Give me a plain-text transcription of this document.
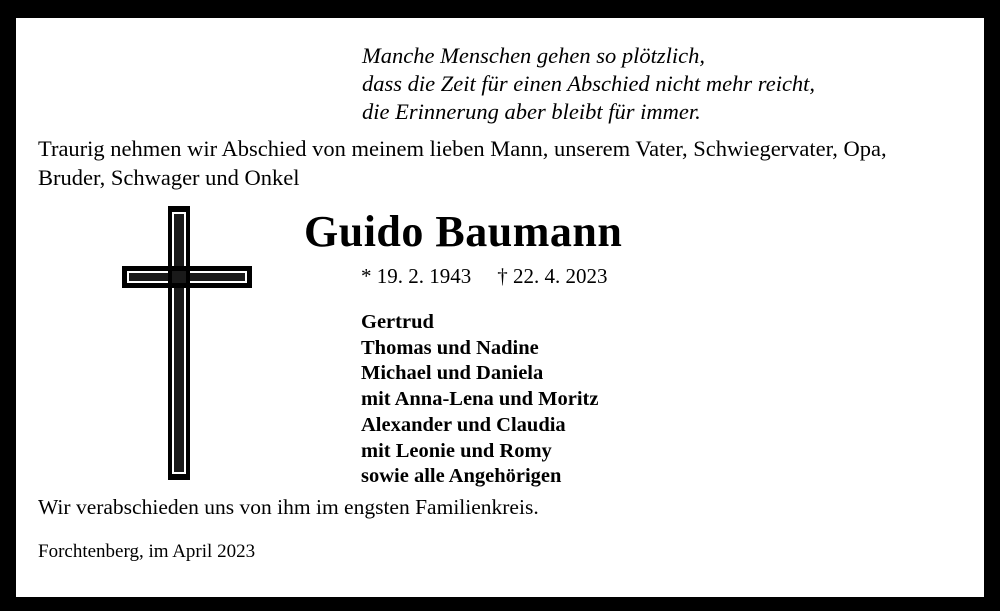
Manche Menschen gehen so plötzlich,
dass die Zeit für einen Abschied nicht mehr reicht,
die Erinnerung aber bleibt für immer.
Traurig nehmen wir Abschied von meinem lieben Mann, unserem Vater, Schwiegervater, Opa, Bruder, Schwager und Onkel
Guido Baumann
* 19. 2. 1943 † 22. 4. 2023
Gertrud
Thomas und Nadine
Michael und Daniela
mit Anna-Lena und Moritz
Alexander und Claudia
mit Leonie und Romy
sowie alle Angehörigen
Wir verabschieden uns von ihm im engsten Familienkreis.
Forchtenberg, im April 2023
